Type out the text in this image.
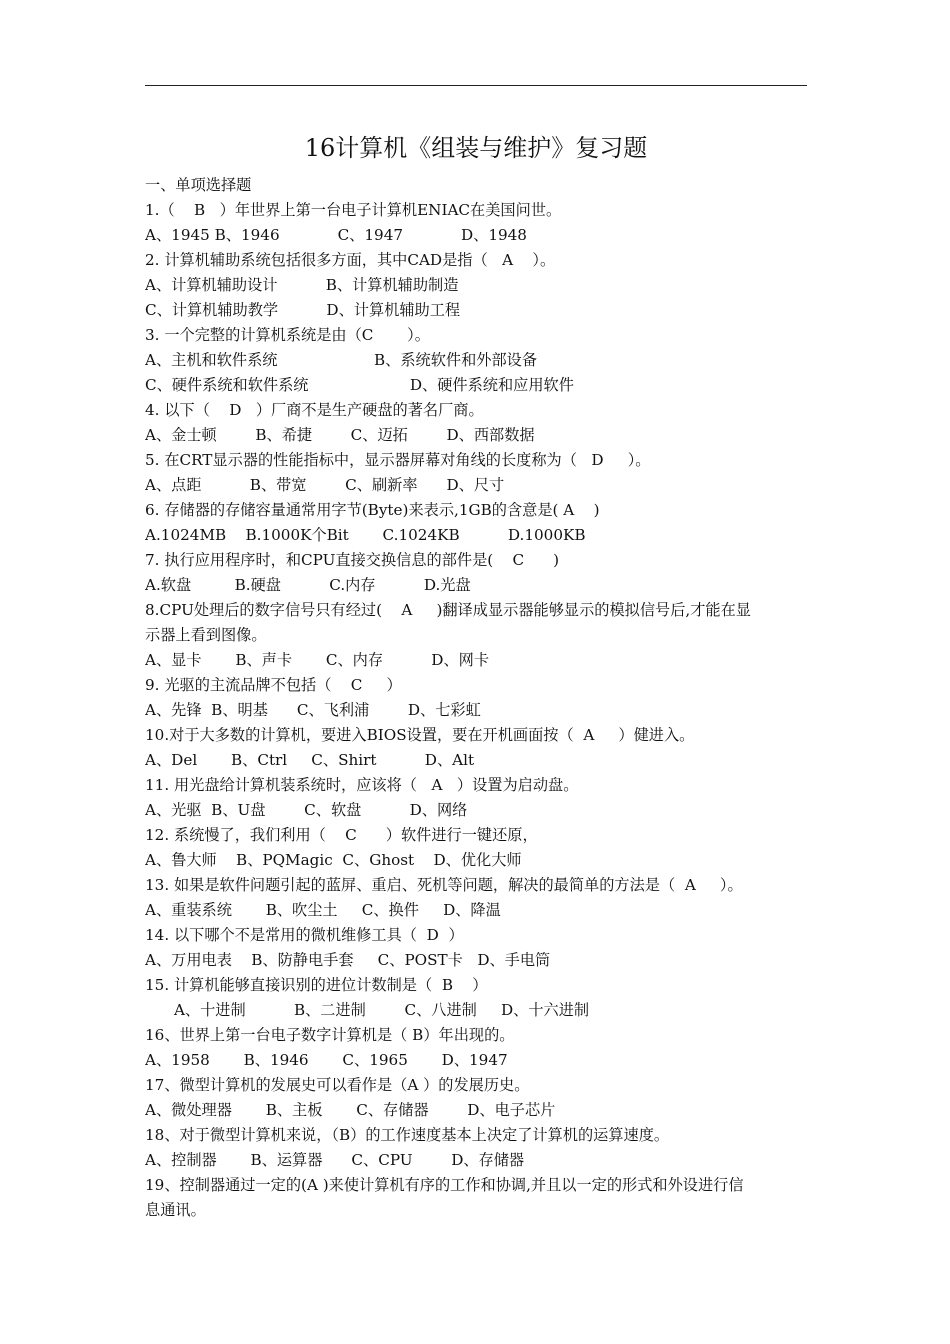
16计算机《组装与维护》复习题
一、单项选择题
1.（    B   ）年世界上第一台电子计算机ENIAC在美国问世。
A、1945 B、1946            C、1947            D、1948
2. 计算机辅助系统包括很多方面，其中CAD是指（   A    ）。
A、计算机辅助设计          B、计算机辅助制造
C、计算机辅助教学          D、计算机辅助工程
3. 一个完整的计算机系统是由（C       ）。
A、主机和软件系统                    B、系统软件和外部设备
C、硬件系统和软件系统                     D、硬件系统和应用软件
4. 以下（    D   ）厂商不是生产硬盘的著名厂商。
A、金士顿        B、希捷        C、迈拓        D、西部数据
5. 在CRT显示器的性能指标中，显示器屏幕对角线的长度称为（   D     ）。
A、点距          B、带宽        C、刷新率      D、尺寸
6. 存储器的存储容量通常用字节(Byte)来表示,1GB的含意是( A    )
A.1024MB    B.1000K个Bit       C.1024KB          D.1000KB
7. 执行应用程序时，和CPU直接交换信息的部件是(    C      )
A.软盘         B.硬盘          C.内存          D.光盘
8.CPU处理后的数字信号只有经过(    A     )翻译成显示器能够显示的模拟信号后,才能在显
示器上看到图像。
A、显卡       B、声卡       C、内存          D、网卡
9. 光驱的主流品牌不包括（    C     ）
A、先锋  B、明基      C、飞利浦        D、七彩虹
10.对于大多数的计算机，要进入BIOS设置，要在开机画面按（  A     ）健进入。
A、Del       B、Ctrl     C、Shirt          D、Alt
11. 用光盘给计算机装系统时，应该将（   A   ）设置为启动盘。
A、光驱  B、U盘        C、软盘          D、网络
12. 系统慢了，我们利用（    C      ）软件进行一键还原，
A、鲁大师    B、PQMagic  C、Ghost    D、优化大师
13. 如果是软件问题引起的蓝屏、重启、死机等问题，解决的最简单的方法是（  A     ）。
A、重装系统       B、吹尘土     C、换件     D、降温
14. 以下哪个不是常用的微机维修工具（  D  ）
A、万用电表    B、防静电手套     C、POST卡   D、手电筒
15. 计算机能够直接识别的进位计数制是（  B    ）
A、十进制          B、二进制        C、八进制     D、十六进制
16、世界上第一台电子数字计算机是（ B）年出现的。
A、1958       B、1946       C、1965       D、1947
17、微型计算机的发展史可以看作是（A ）的发展历史。
A、微处理器       B、主板       C、存储器        D、电子芯片
18、对于微型计算机来说，（B）的工作速度基本上决定了计算机的运算速度。
A、控制器       B、运算器      C、CPU        D、存储器
19、控制器通过一定的(A )来使计算机有序的工作和协调,并且以一定的形式和外设进行信
息通讯。
